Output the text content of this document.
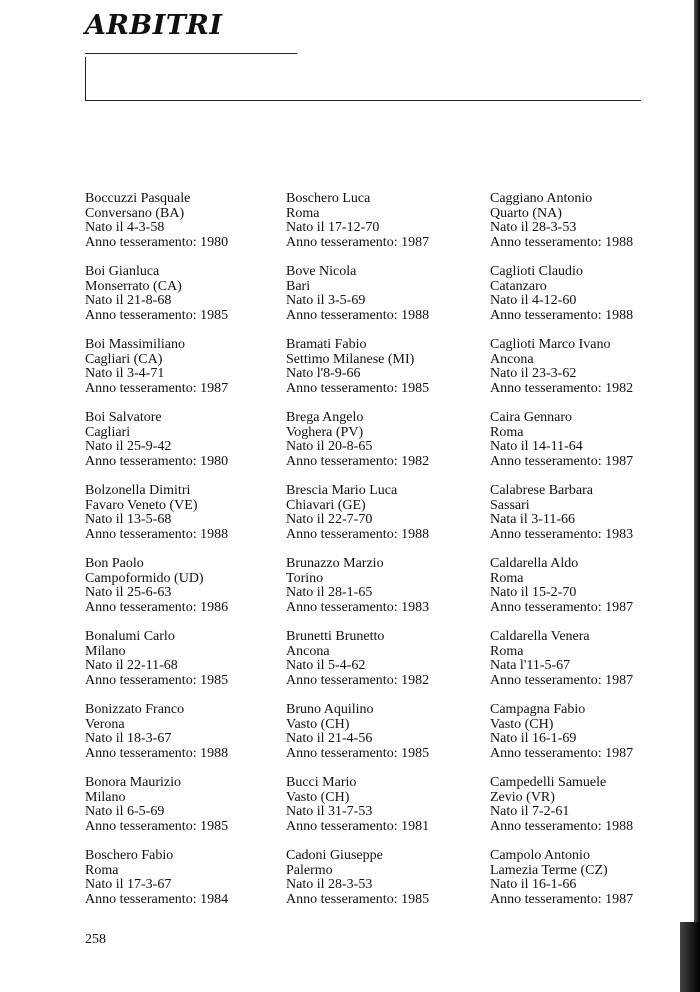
ARBITRI
Boccuzzi Pasquale
Conversano (BA)
Nato il 4-3-58
Anno tesseramento: 1980
Boi Gianluca
Monserrato (CA)
Nato il 21-8-68
Anno tesseramento: 1985
Boi Massimiliano
Cagliari (CA)
Nato il 3-4-71
Anno tesseramento: 1987
Boi Salvatore
Cagliari
Nato il 25-9-42
Anno tesseramento: 1980
Bolzonella Dimitri
Favaro Veneto (VE)
Nato il 13-5-68
Anno tesseramento: 1988
Bon Paolo
Campoformido (UD)
Nato il 25-6-63
Anno tesseramento: 1986
Bonalumi Carlo
Milano
Nato il 22-11-68
Anno tesseramento: 1985
Bonizzato Franco
Verona
Nato il 18-3-67
Anno tesseramento: 1988
Bonora Maurizio
Milano
Nato il 6-5-69
Anno tesseramento: 1985
Boschero Fabio
Roma
Nato il 17-3-67
Anno tesseramento: 1984
Boschero Luca
Roma
Nato il 17-12-70
Anno tesseramento: 1987
Bove Nicola
Bari
Nato il 3-5-69
Anno tesseramento: 1988
Bramati Fabio
Settimo Milanese (MI)
Nato l'8-9-66
Anno tesseramento: 1985
Brega Angelo
Voghera (PV)
Nato il 20-8-65
Anno tesseramento: 1982
Brescia Mario Luca
Chiavari (GE)
Nato il 22-7-70
Anno tesseramento: 1988
Brunazzo Marzio
Torino
Nato il 28-1-65
Anno tesseramento: 1983
Brunetti Brunetto
Ancona
Nato il 5-4-62
Anno tesseramento: 1982
Bruno Aquilino
Vasto (CH)
Nato il 21-4-56
Anno tesseramento: 1985
Bucci Mario
Vasto (CH)
Nato il 31-7-53
Anno tesseramento: 1981
Cadoni Giuseppe
Palermo
Nato il 28-3-53
Anno tesseramento: 1985
Caggiano Antonio
Quarto (NA)
Nato il 28-3-53
Anno tesseramento: 1988
Caglioti Claudio
Catanzaro
Nato il 4-12-60
Anno tesseramento: 1988
Caglioti Marco Ivano
Ancona
Nato il 23-3-62
Anno tesseramento: 1982
Caira Gennaro
Roma
Nato il 14-11-64
Anno tesseramento: 1987
Calabrese Barbara
Sassari
Nata il 3-11-66
Anno tesseramento: 1983
Caldarella Aldo
Roma
Nato il 15-2-70
Anno tesseramento: 1987
Caldarella Venera
Roma
Nata l'11-5-67
Anno tesseramento: 1987
Campagna Fabio
Vasto (CH)
Nato il 16-1-69
Anno tesseramento: 1987
Campedelli Samuele
Zevio (VR)
Nato il 7-2-61
Anno tesseramento: 1988
Campolo Antonio
Lamezia Terme (CZ)
Nato il 16-1-66
Anno tesseramento: 1987
258
